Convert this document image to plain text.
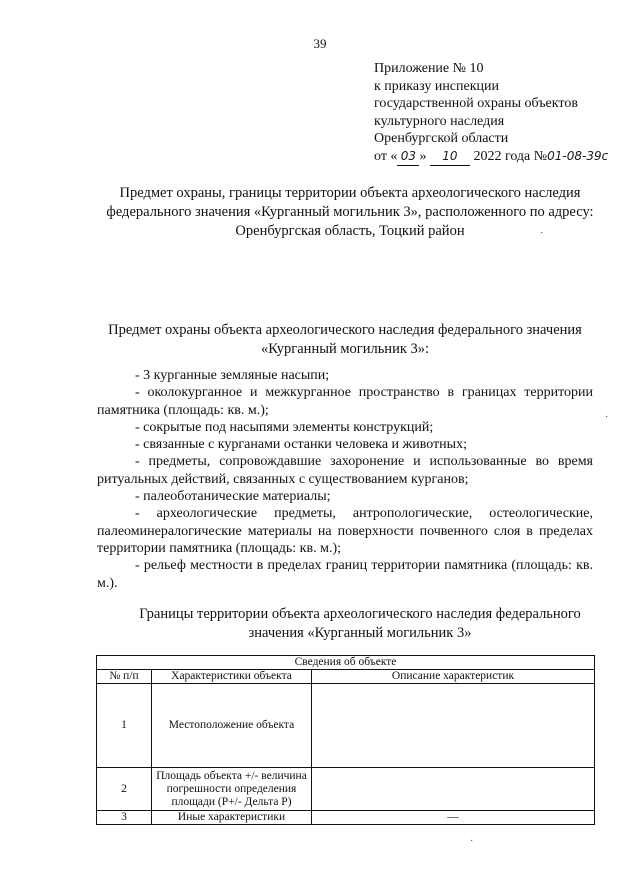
39
Приложение № 10
к приказу инспекции
государственной охраны объектов
культурного наследия
Оренбургской области
от « 03 » 10 2022 года №01-08-39с
Предмет охраны, границы территории объекта археологического наследия федерального значения «Курганный могильник 3», расположенного по адресу: Оренбургская область, Тоцкий район
Предмет охраны объекта археологического наследия федерального значения «Курганный могильник 3»:

- 3 курганные земляные насыпи;

- околокурганное и межкурганное пространство в границах территории памятника (площадь: кв. м.);

- сокрытые под насыпями элементы конструкций;

- связанные с курганами останки человека и животных;

- предметы, сопровождавшие захоронение и использованные во время ритуальных действий, связанных с существованием курганов;

- палеоботанические материалы;

- археологические предметы, антропологические, остеологические, палеоминералогические материалы на поверхности почвенного слоя в пределах территории памятника (площадь: кв. м.);

- рельеф местности в пределах границ территории памятника (площадь: кв. м.).

Границы территории объекта археологического наследия федерального значения «Курганный могильник 3»
Сведения об объекте		
№ п/п	Характеристики объекта	Описание характеристик
1	Местоположение объекта	
2	Площадь объекта +/- величина погрешности определения площади (Р+/- Дельта Р)	
3	Иные характеристики	—
·
·
·
